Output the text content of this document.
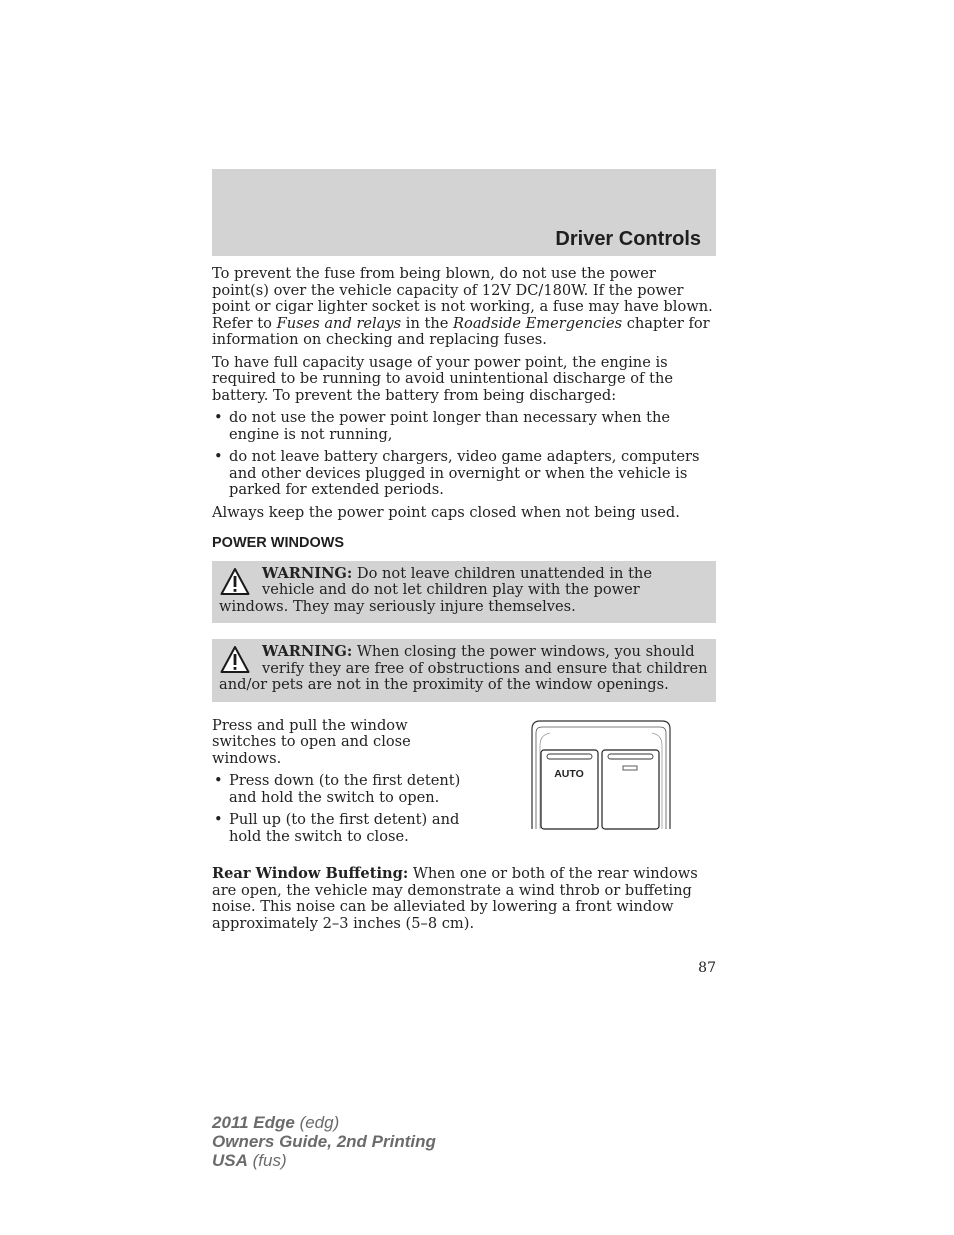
Driver Controls

To prevent the fuse from being blown, do not use the power point(s) over the vehicle capacity of 12V DC/180W. If the power point or cigar lighter socket is not working, a fuse may have blown. Refer to Fuses and relays in the Roadside Emergencies chapter for information on checking and replacing fuses.

To have full capacity usage of your power point, the engine is required to be running to avoid unintentional discharge of the battery. To prevent the battery from being discharged:

• do not use the power point longer than necessary when the engine is not running,
• do not leave battery chargers, video game adapters, computers and other devices plugged in overnight or when the vehicle is parked for extended periods.

Always keep the power point caps closed when not being used.

POWER WINDOWS
WARNING: Do not leave children unattended in the vehicle and do not let children play with the power windows. They may seriously injure themselves.
WARNING: When closing the power windows, you should verify they are free of obstructions and ensure that children and/or pets are not in the proximity of the window openings.

Press and pull the window switches to open and close windows.

• Press down (to the first detent) and hold the switch to open.
• Pull up (to the first detent) and hold the switch to close.
AUTO

Rear Window Buffeting: When one or both of the rear windows are open, the vehicle may demonstrate a wind throb or buffeting noise. This noise can be alleviated by lowering a front window approximately 2–3 inches (5–8 cm).

87
2011 Edge (edg)
Owners Guide, 2nd Printing
USA (fus)
